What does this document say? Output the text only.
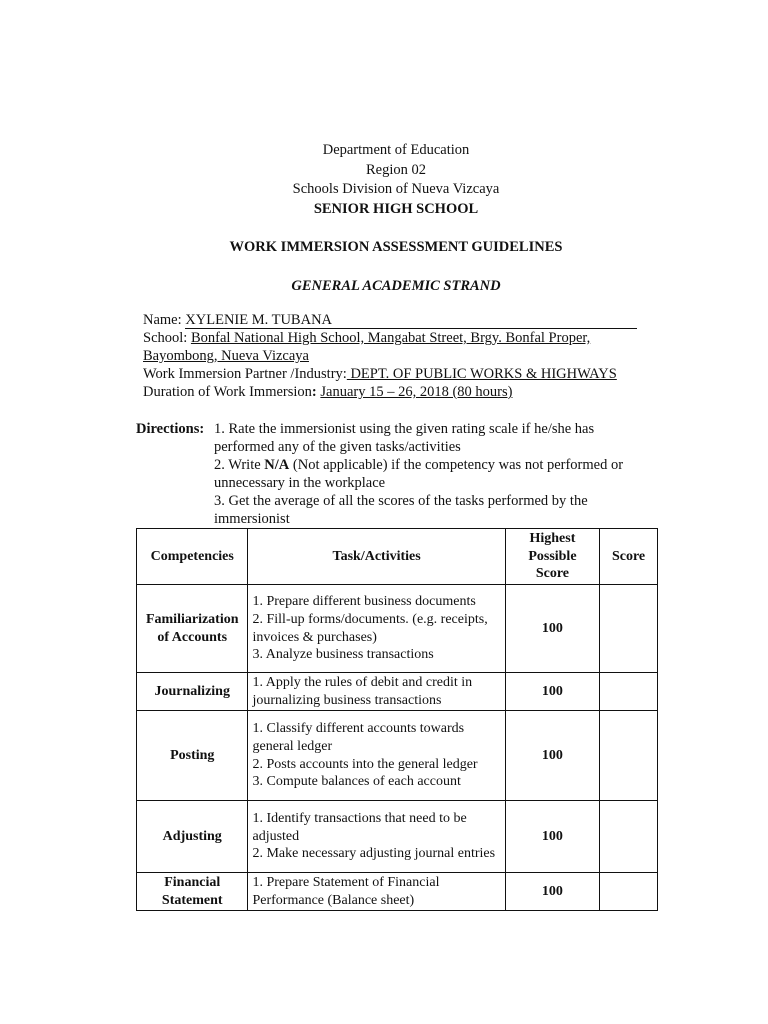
Department of Education
Region 02
Schools Division of Nueva Vizcaya
SENIOR HIGH SCHOOL
WORK IMMERSION ASSESSMENT GUIDELINES
GENERAL ACADEMIC STRAND
Name: XYLENIE M. TUBANA
School: Bonfal National High School, Mangabat Street, Brgy. Bonfal Proper,
Bayombong, Nueva Vizcaya
Work Immersion Partner /Industry: DEPT. OF PUBLIC WORKS & HIGHWAYS
Duration of Work Immersion: January 15 – 26, 2018 (80 hours)
Directions: 1. Rate the immersionist using the given rating scale if he/she has performed any of the given tasks/activities

2. Write N/A (Not applicable) if the competency was not performed or unnecessary in the workplace

3. Get the average of all the scores of the tasks performed by the immersionist

Competencies	Task/Activities	Highest
Possible
Score	Score

Familiarization
of Accounts	1. Prepare different business documents
2. Fill-up forms/documents. (e.g. receipts, invoices & purchases)
3. Analyze business transactions	100	

Journalizing	1. Apply the rules of debit and credit in journalizing business transactions	100	

Posting	1. Classify different accounts towards general ledger
2. Posts accounts into the general ledger
3. Compute balances of each account	100	

Adjusting	1. Identify transactions that need to be adjusted
2. Make necessary adjusting journal entries	100	

Financial
Statement	1. Prepare Statement of Financial Performance (Balance sheet)	100	
